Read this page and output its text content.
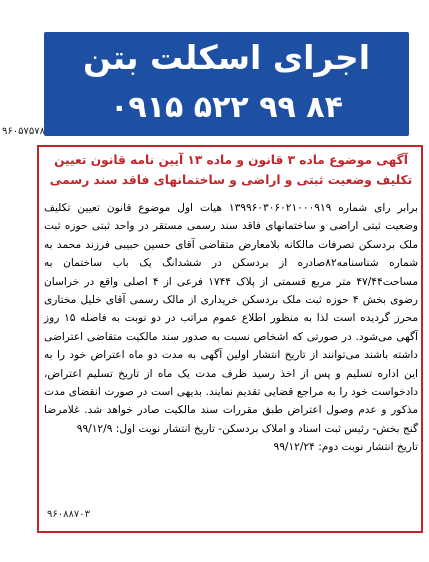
اجرای اسکلت بتن
۰۹۱۵ ۵۲۲ ۹۹ ۸۴
۹۶۰۵۷۵۷۸
آگهی موضوع ماده ۳ قانون و ماده ۱۳ آیین نامه قانون تعیین تکلیف وضعیت ثبتی و اراضی و ساختمانهای فاقد سند رسمی

برابر رای شماره ۱۳۹۹۶۰۳۰۶۰۲۱۰۰۰۹۱۹ هیات اول موضوع قانون تعیین تکلیف وضعیت ثبتی اراضی و ساختمانهای فاقد سند رسمی مستقر در واحد ثبتی حوزه ثبت ملک بردسکن تصرفات مالکانه بلامعارض متقاضی آقای حسین حبیبی فرزند محمد به شماره شناسنامه۸۲صادره از بردسکن در ششدانگ یک باب ساختمان به مساحت۴۷/۴۴ متر مربع قسمتی از پلاک ۱۷۴۴ فرعی از ۴ اصلی واقع در خراسان رضوی بخش ۴ حوزه ثبت ملک بردسکن خریداری از مالک رسمی آقای خلیل مختاری محرز گردیده است لذا به منظور اطلاع عموم مراتب در دو نوبت به فاصله ۱۵ روز آگهی می‌شود. در صورتی که اشخاص نسبت به صدور سند مالکیت متقاضی اعتراضی داشته باشند می‌توانند از تاریخ انتشار اولین آگهی به مدت دو ماه اعتراض خود را به این اداره تسلیم و پس از اخذ رسید ظرف مدت یک ماه از تاریخ تسلیم اعتراض، دادخواست خود را به مراجع قضایی تقدیم نمایند. بدیهی است در صورت انقضای مدت مذکور و عدم وصول اعتراض طبق مقررات سند مالکیت صادر خواهد شد. غلامرضا گنج بخش- رئیس ثبت اسناد و املاک بردسکن- تاریخ انتشار نوبت اول: ۹۹/۱۲/۹

تاریخ انتشار نوبت دوم: ۹۹/۱۲/۲۴

۹۶۰۸۸۷۰۳
